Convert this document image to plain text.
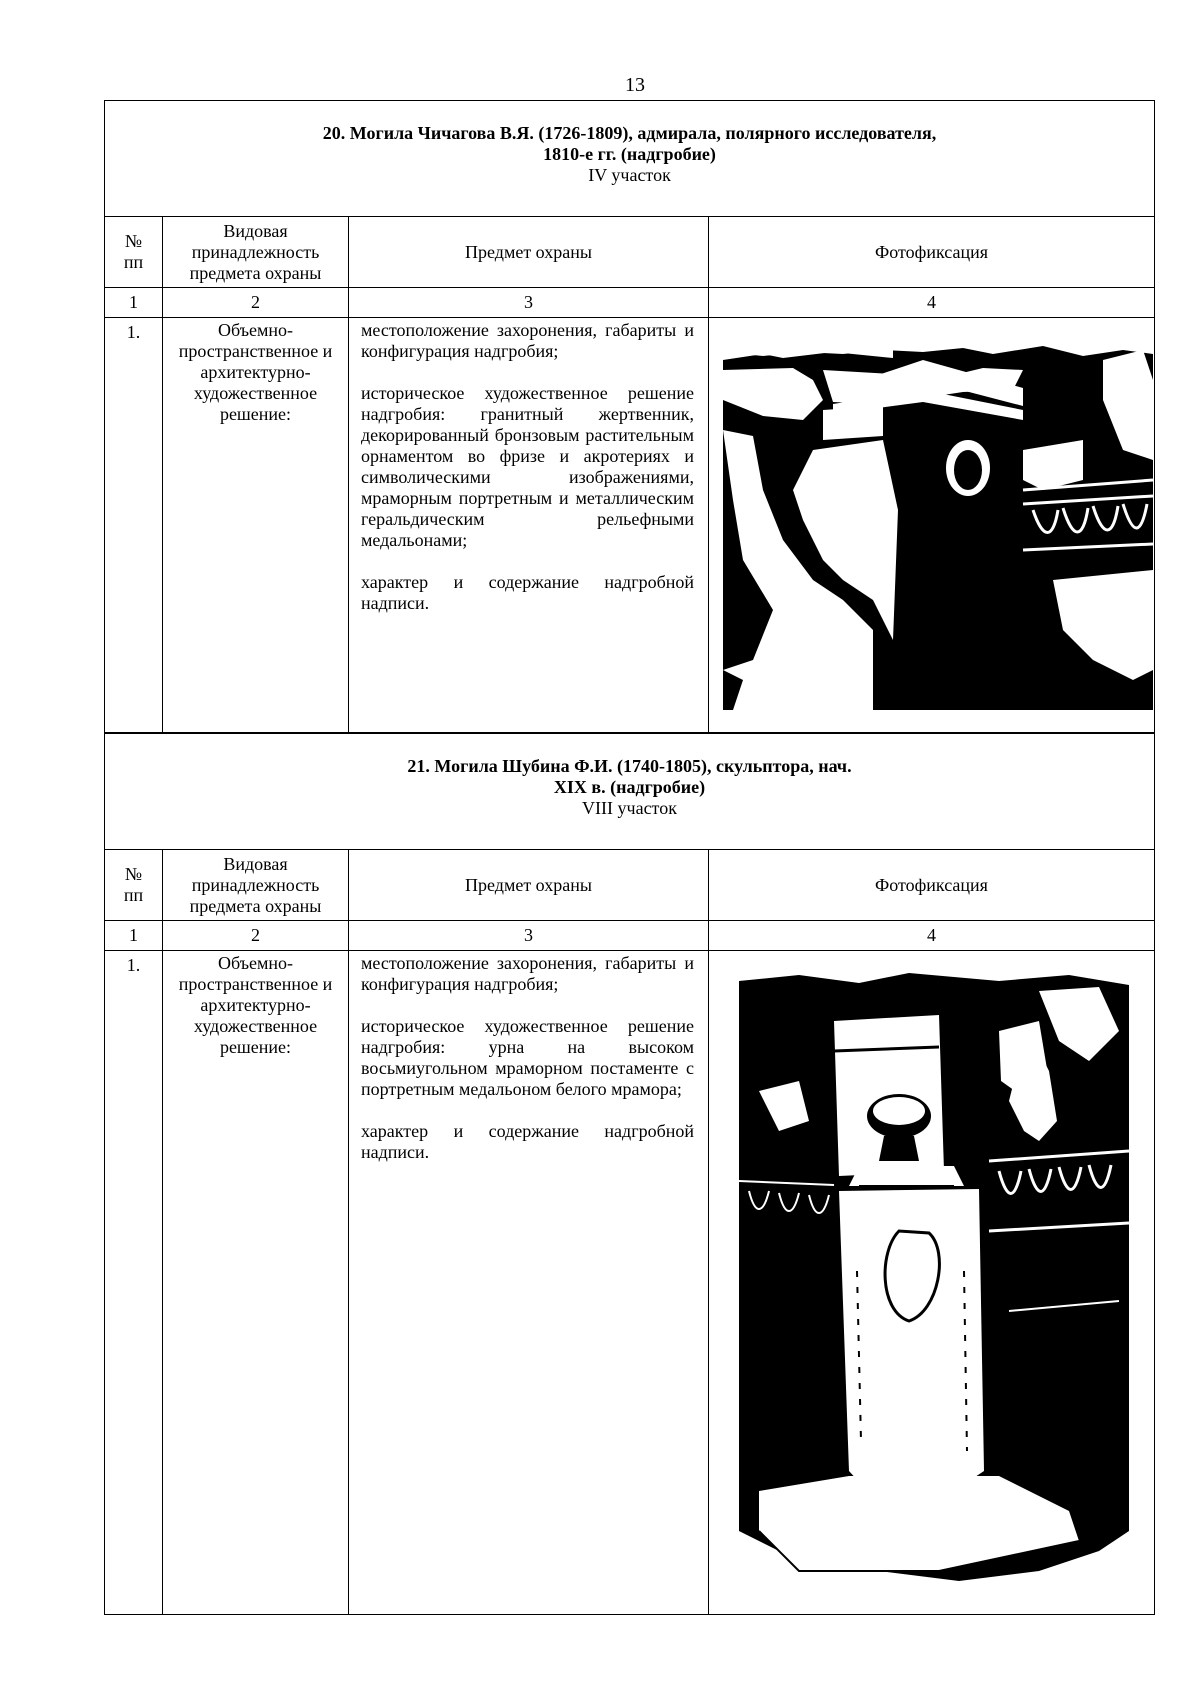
13
20. Могила Чичагова В.Я. (1726-1809), адмирала, полярного исследователя,
1810-е гг. (надгробие)
IV участок			

№
пп	Видовая принадлежность предмета охраны	Предмет охраны	Фотофиксация
1	2	3	4

1.	Объемно-пространственное и архитектурно-художественное решение:	местоположение захоронения, габариты и конфигурация надгробия;

историческое художественное решение надгробия: гранитный жертвенник, декорированный бронзовым растительным орнаментом во фризе и акротериях и символическими изображениями, мраморным портретным и металлическим геральдическим рельефными медальонами;

характер и содержание надгробной надписи.

21. Могила Шубина Ф.И. (1740-1805), скульптора, нач.
XIX в. (надгробие)
VIII участок			

№
пп	Видовая принадлежность предмета охраны	Предмет охраны	Фотофиксация
1	2	3	4

1.	Объемно-пространственное и архитектурно-художественное решение:	местоположение захоронения, габариты и конфигурация надгробия;

историческое художественное решение надгробия: урна на высоком восьмиугольном мраморном постаменте с портретным медальоном белого мрамора;

характер и содержание надгробной надписи.
